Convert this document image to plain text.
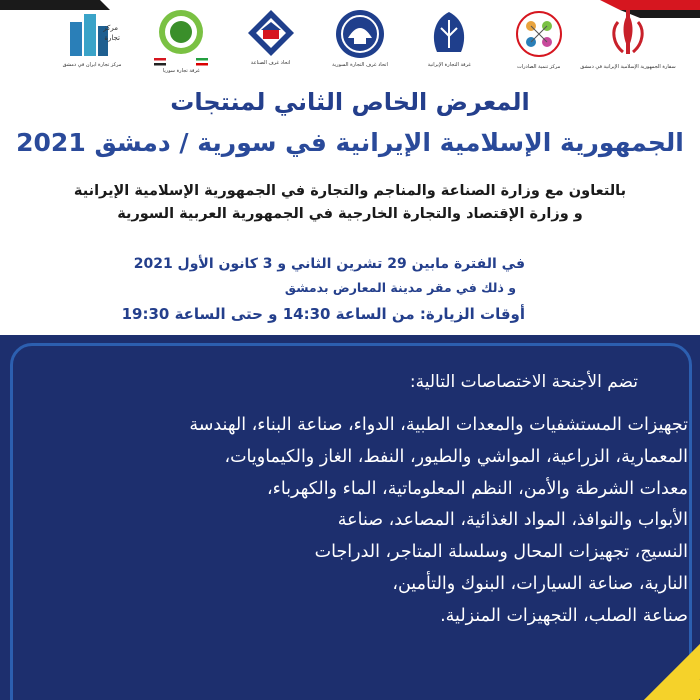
مركز
تجارة
مركز تجارة ايران في دمشق
غرفة تجارة سوريا
اتحاد غرف الصناعة	اتحاد غرف التجارة السورية	غرفة التجارة الإيرانية	مركز تنمية الصادرات	سفارة الجمهورية الإسلامية الإيرانية في دمشق
المعرض الخاص الثاني لمنتجات
الجمهورية الإسلامية الإيرانية في سورية / دمشق 2021
بالتعاون مع وزارة الصناعة والمناجم والتجارة في الجمهورية الإسلامية الإيرانية
و وزارة الإقتصاد والتجارة الخارجية في الجمهورية العربية السورية
في الفترة مابين 29 تشرين الثاني و 3 كانون الأول 2021
و ذلك في مقر مدينة المعارض بدمشق
أوقات الزيارة: من الساعة 14:30 و حتى الساعة 19:30
تضم الأجنحة الاختصاصات التالية:
تجهيزات المستشفيات والمعدات الطبية، الدواء، صناعة البناء، الهندسة
المعمارية، الزراعية، المواشي والطيور، النفط، الغاز والكيماويات،
معدات الشرطة والأمن، النظم المعلوماتية، الماء والكهرباء،
الأبواب والنوافذ، المواد الغذائية، المصاعد، صناعة
النسيج، تجهيزات المحال وسلسلة المتاجر، الدراجات
النارية، صناعة السيارات، البنوك والتأمين،
صناعة الصلب، التجهيزات المنزلية.
